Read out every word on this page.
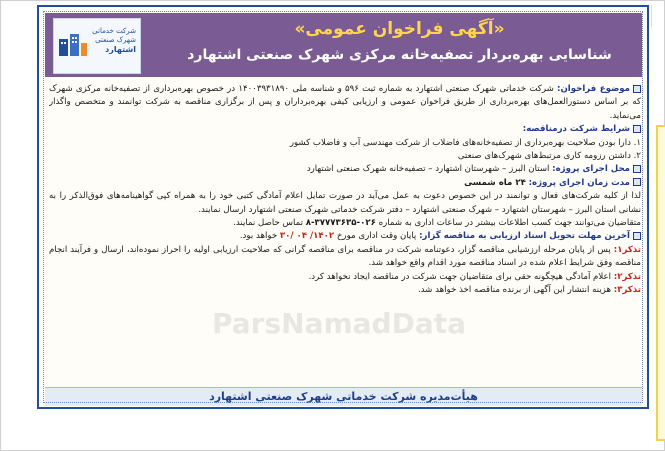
شرکت خدماتی
شهرک صنعتی
اشتهارد
«آگهی فراخوان عمومی»
شناسایی بهره‌بردار تصفیه‌خانه مرکزی شهرک صنعتی اشتهارد

موضوع فراخوان: شرکت خدماتی شهرک صنعتی اشتهارد به شماره ثبت ۵۹۶ و شناسه ملی ۱۴۰۰۳۹۳۱۸۹۰ در خصوص بهره‌برداری از تصفیه‌خانه مرکزی شهرک که بر اساس دستورالعمل‌های بهره‌برداری از طریق فراخوان عمومی و ارزیابی کیفی بهره‌برداران و پس از برگزاری مناقصه به شرکت توانمند و متخصص واگذار می‌نماید.

شرایط شرکت درمناقصه:

۱. دارا بودن صلاحیت بهره‌برداری از تصفیه‌خانه‌های فاضلاب از شرکت مهندسی آب و فاضلاب کشور

۲. داشتن رزومه کاری مرتبط‌های شهرک‌های صنعتی

محل اجرای پروژه: استان البرز – شهرستان اشتهارد – تصفیه‌خانه شهرک صنعتی اشتهارد

مدت زمان اجرای پروژه: ۲۴ ماه شمسی

لذا از کلیه شرکت‌های فعال و توانمند در این خصوص دعوت به عمل می‌آید در صورت تمایل اعلام آمادگی کتبی خود را به همراه کپی گواهینامه‌های فوق‌الذکر را به نشانی استان البرز – شهرستان اشتهارد – شهرک صنعتی اشتهارد – دفتر شرکت خدماتی شهرک صنعتی اشتهارد ارسال نمایند.

متقاضیان می‌توانند جهت کسب اطلاعات بیشتر در ساعات اداری به شماره ۰۲۶-۳۷۷۷۳۶۳۵-۸ تماس حاصل نمایند.

آخرین مهلت تحویل اسناد ارزیابی به مناقصه گزار: پایان وقت اداری مورخ ۱۴۰۲/ ۰۴ /۳۰ خواهد بود.

تذکر۱: پس از پایان مرحله ارزشیابی مناقصه گزار، دعوتنامه شرکت در مناقصه برای مناقصه گرانی که صلاحیت ارزیابی اولیه را احراز نموده‌اند، ارسال و فرآیند انجام مناقصه وفق شرایط اعلام شده در اسناد مناقصه مورد اقدام واقع خواهد شد.

تذکر۲: اعلام آمادگی هیچگونه حقی برای متقاضیان جهت شرکت در مناقصه ایجاد نخواهد کرد.

تذکر۳: هزینه انتشار این آگهی از برنده مناقصه اخذ خواهد شد.

ParsNamadData
هیأت‌مدیره شرکت خدماتی شهرک صنعتی اشتهارد
